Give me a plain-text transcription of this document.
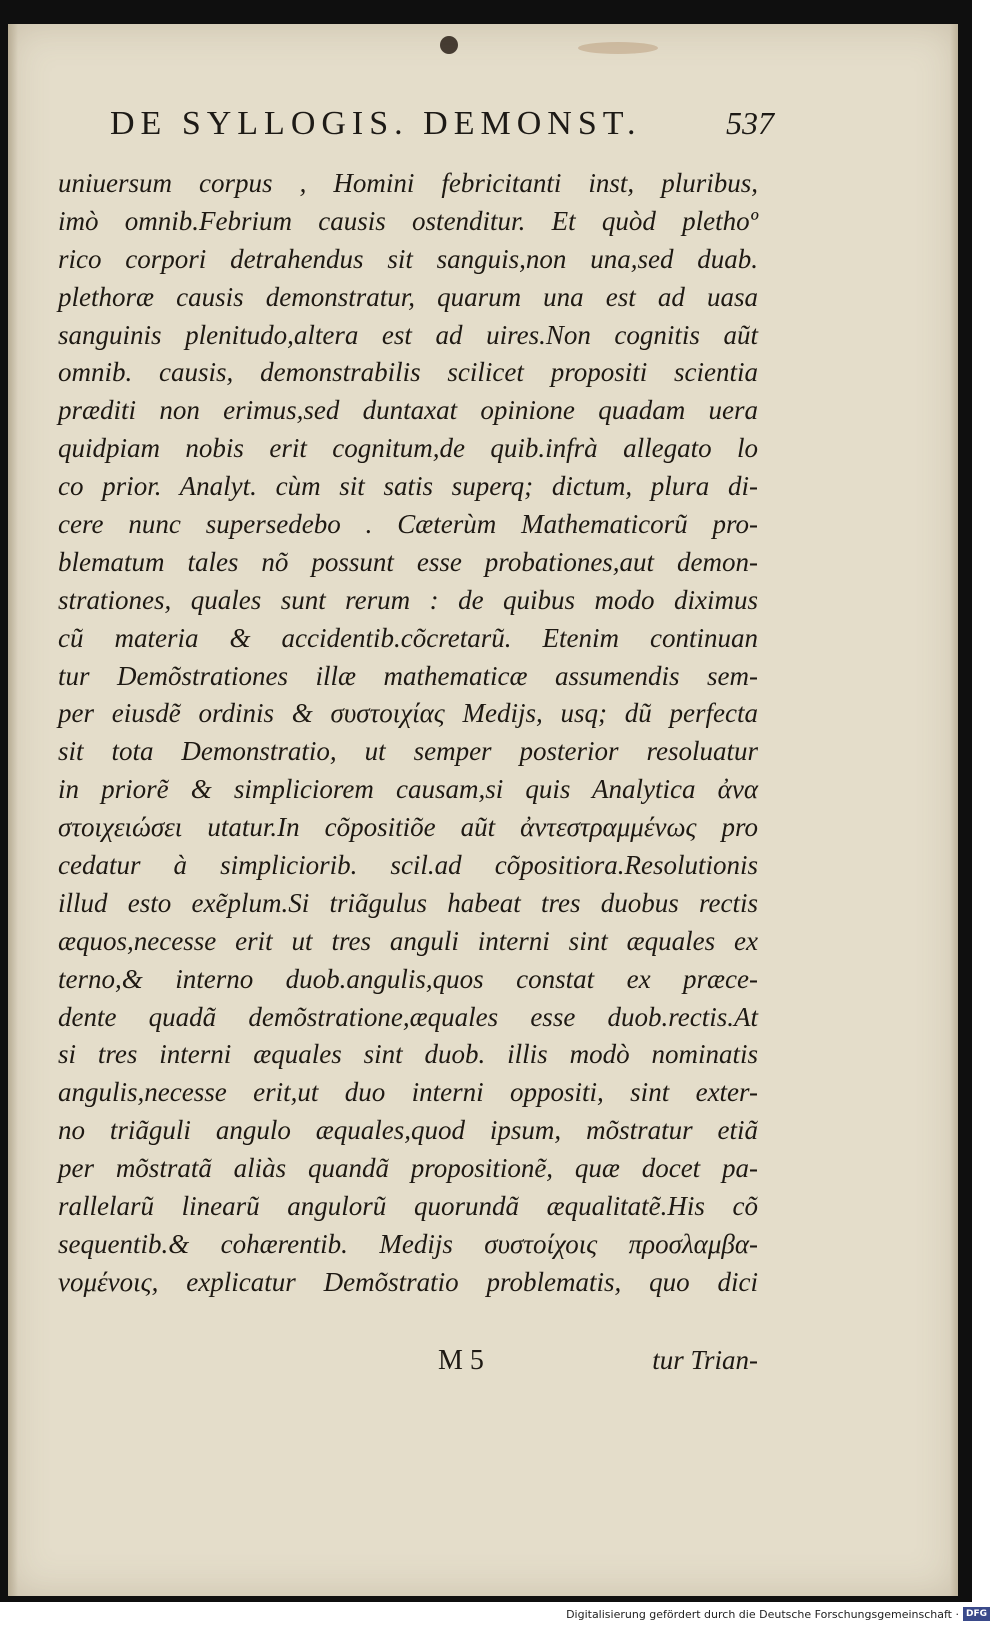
DE SYLLOGIS. DEMONST.	537
uniuersum corpus , Homini febricitanti inst, pluribus,
imò omnib.Febrium causis ostenditur. Et quòd plethoº
rico corpori detrahendus sit sanguis,non una,sed duab.
plethoræ causis demonstratur, quarum una est ad uasa
sanguinis plenitudo,altera est ad uires.Non cognitis aũt
omnib. causis, demonstrabilis scilicet propositi scientia
præditi non erimus,sed duntaxat opinione quadam uera
quidpiam nobis erit cognitum,de quib.infrà allegato lo
co prior. Analyt. cùm sit satis superq; dictum, plura di-
cere nunc supersedebo . Cæterùm Mathematicorũ pro-
blematum tales nõ possunt esse probationes,aut demon-
strationes, quales sunt rerum : de quibus modo diximus
cũ materia & accidentib.cõcretarũ. Etenim continuan
tur Demõstrationes illæ mathematicæ assumendis sem-
per eiusdẽ ordinis & συστοιχίας Medijs, usq; dũ perfecta
sit tota Demonstratio, ut semper posterior resoluatur
in priorẽ & simpliciorem causam,si quis Analytica ἀνα
στοιχειώσει utatur.In cõpositiõe aũt ἀντεστραμμένως pro
cedatur à simpliciorib. scil.ad cõpositiora.Resolutionis
illud esto exẽplum.Si triãgulus habeat tres duobus rectis
æquos,necesse erit ut tres anguli interni sint æquales ex
terno,& interno duob.angulis,quos constat ex præce-
dente quadã demõstratione,æquales esse duob.rectis.At
si tres interni æquales sint duob. illis modò nominatis
angulis,necesse erit,ut duo interni oppositi, sint exter-
no triãguli angulo æquales,quod ipsum, mõstratur etiã
per mõstratã aliàs quandã propositionẽ, quæ docet pa-
rallelarũ linearũ angulorũ quorundã æqualitatẽ.His cõ
sequentib.& cohærentib. Medijs συστοίχοις προσλαμβα-
νομένοις, explicatur Demõstratio problematis, quo dici
M 5	tur Trian-
Digitalisierung gefördert durch die Deutsche Forschungsgemeinschaft · DFG
